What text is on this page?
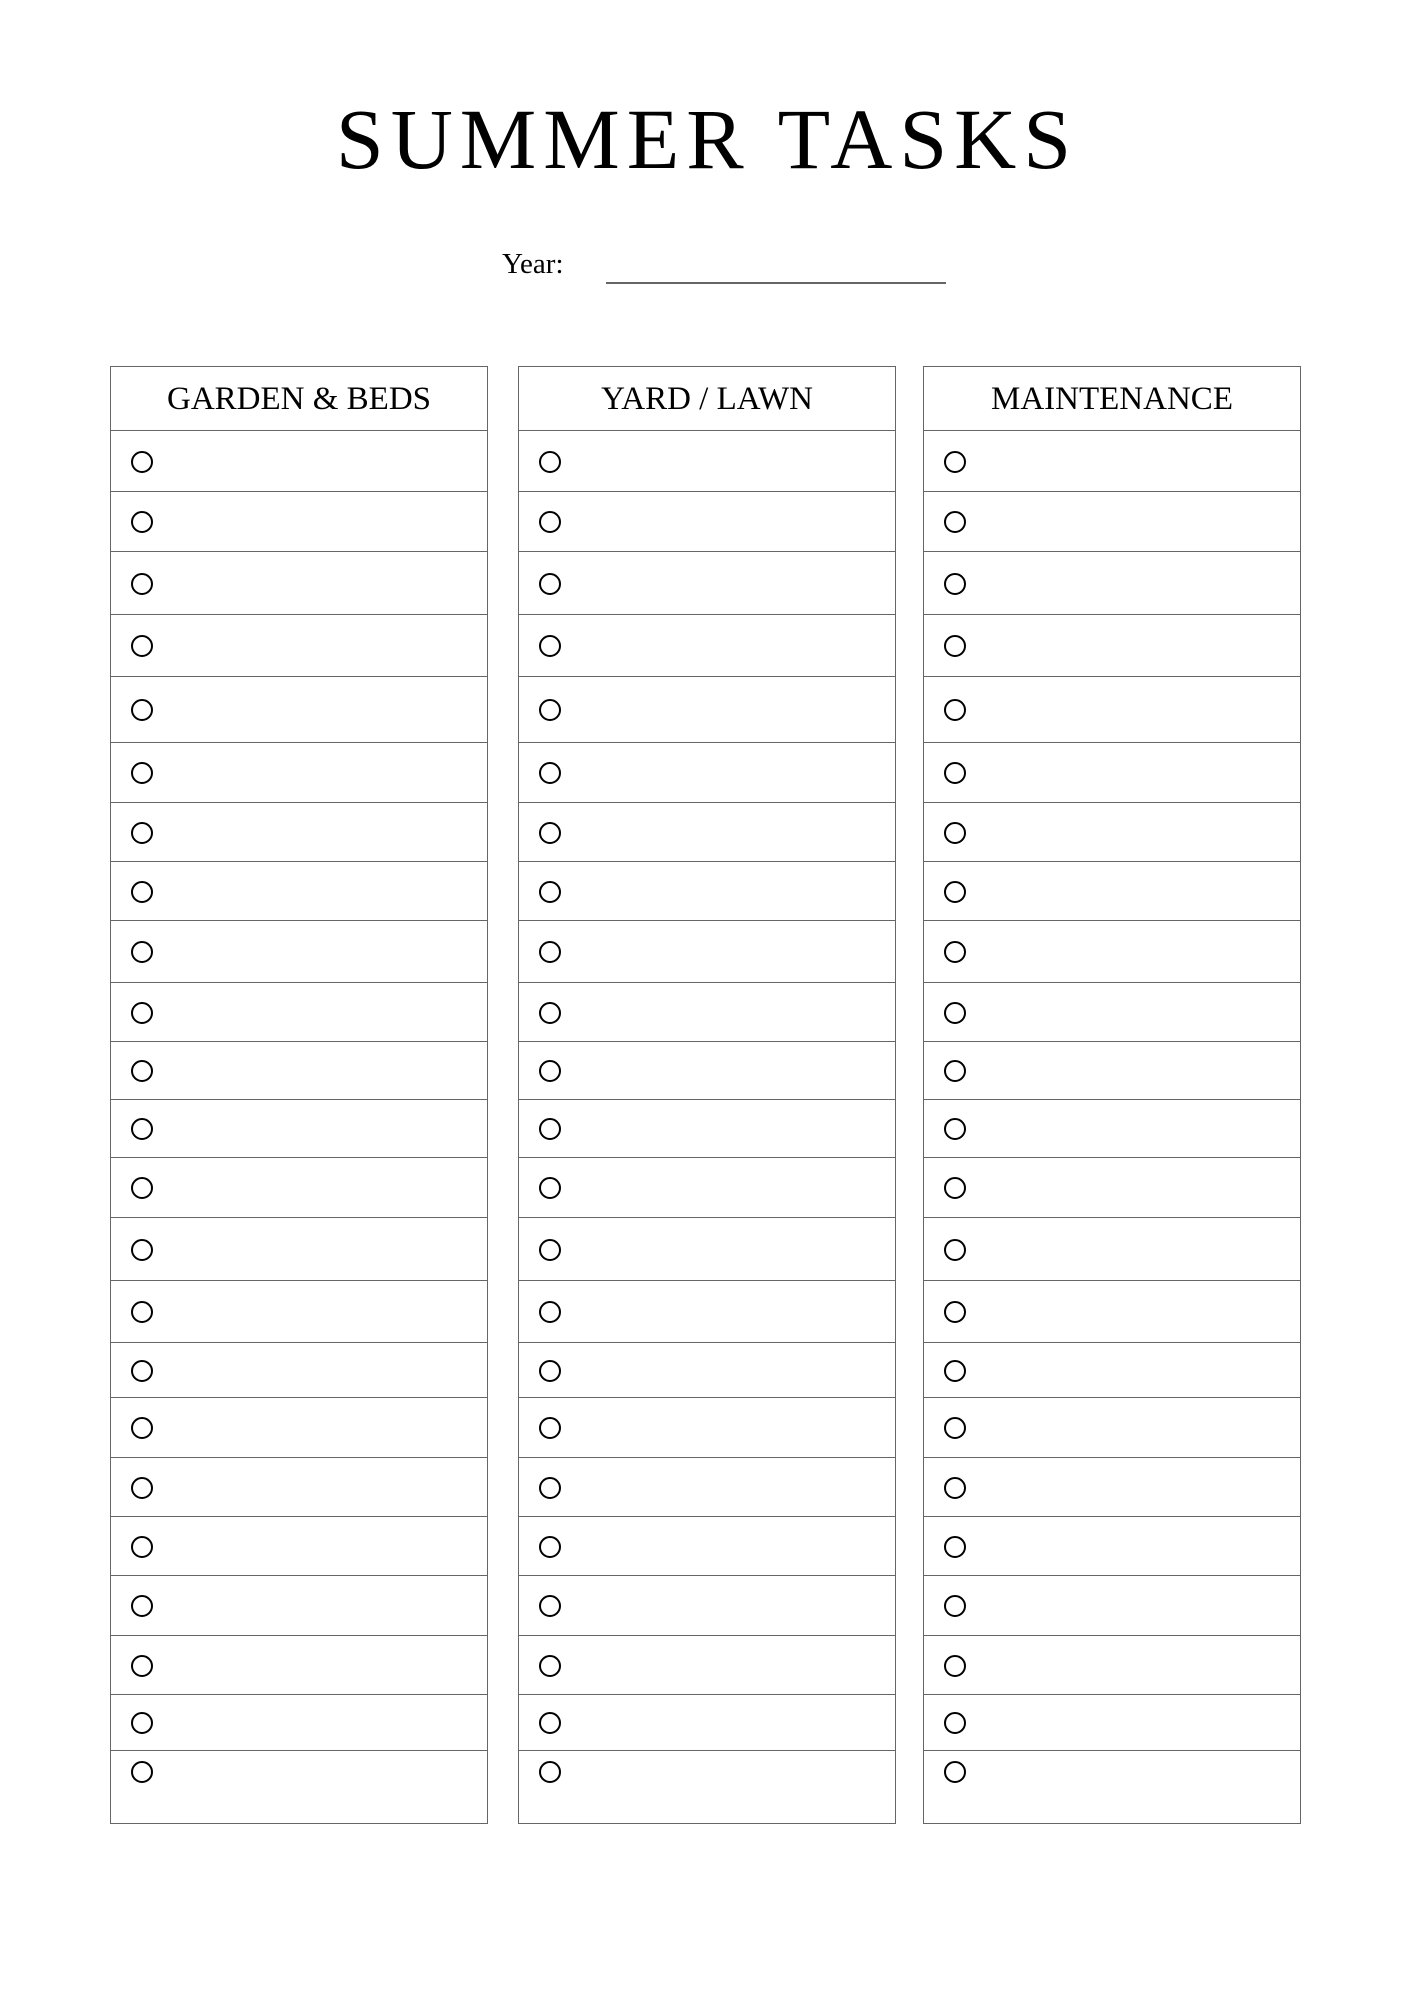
SUMMER TASKS
Year:
GARDEN & BEDS	YARD / LAWN	MAINTENANCE
